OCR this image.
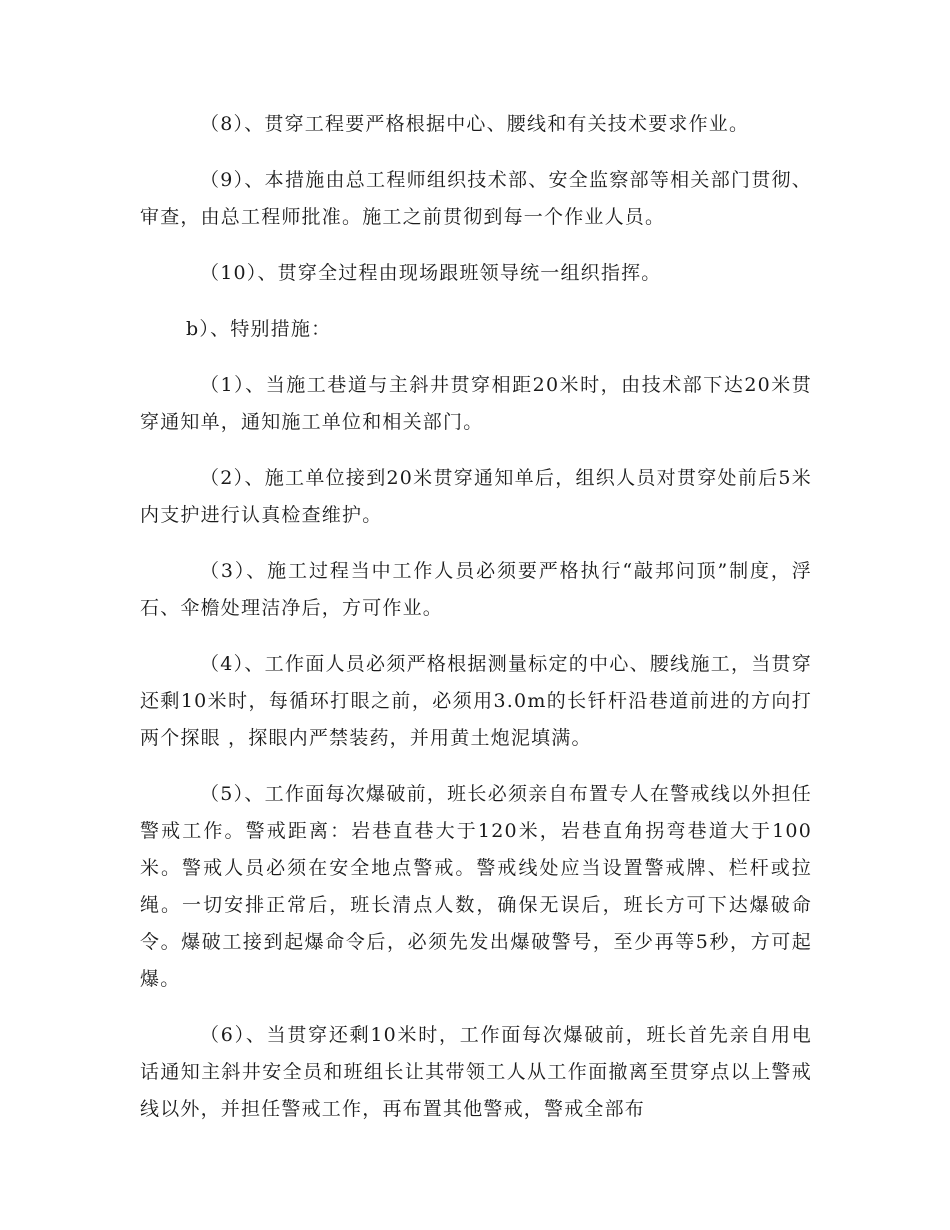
（8）、贯穿工程要严格根据中心、腰线和有关技术要求作业。

（9）、本措施由总工程师组织技术部、安全监察部等相关部门贯彻、审查，由总工程师批准。施工之前贯彻到每一个作业人员。

（10）、贯穿全过程由现场跟班领导统一组织指挥。

b）、特别措施：

（1）、当施工巷道与主斜井贯穿相距20米时，由技术部下达20米贯穿通知单，通知施工单位和相关部门。

（2）、施工单位接到20米贯穿通知单后，组织人员对贯穿处前后5米内支护进行认真检查维护。

（3）、施工过程当中工作人员必须要严格执行“敲邦问顶”制度，浮石、伞檐处理洁净后，方可作业。

（4）、工作面人员必须严格根据测量标定的中心、腰线施工，当贯穿还剩10米时，每循环打眼之前，必须用3.0m的长钎杆沿巷道前进的方向打两个探眼 ，探眼内严禁装药，并用黄土炮泥填满。

（5）、工作面每次爆破前，班长必须亲自布置专人在警戒线以外担任警戒工作。警戒距离：岩巷直巷大于120米，岩巷直角拐弯巷道大于100米。警戒人员必须在安全地点警戒。警戒线处应当设置警戒牌、栏杆或拉绳。一切安排正常后，班长清点人数，确保无误后，班长方可下达爆破命令。爆破工接到起爆命令后，必须先发出爆破警号，至少再等5秒，方可起爆。

（6）、当贯穿还剩10米时，工作面每次爆破前，班长首先亲自用电话通知主斜井安全员和班组长让其带领工人从工作面撤离至贯穿点以上警戒线以外，并担任警戒工作，再布置其他警戒，警戒全部布
